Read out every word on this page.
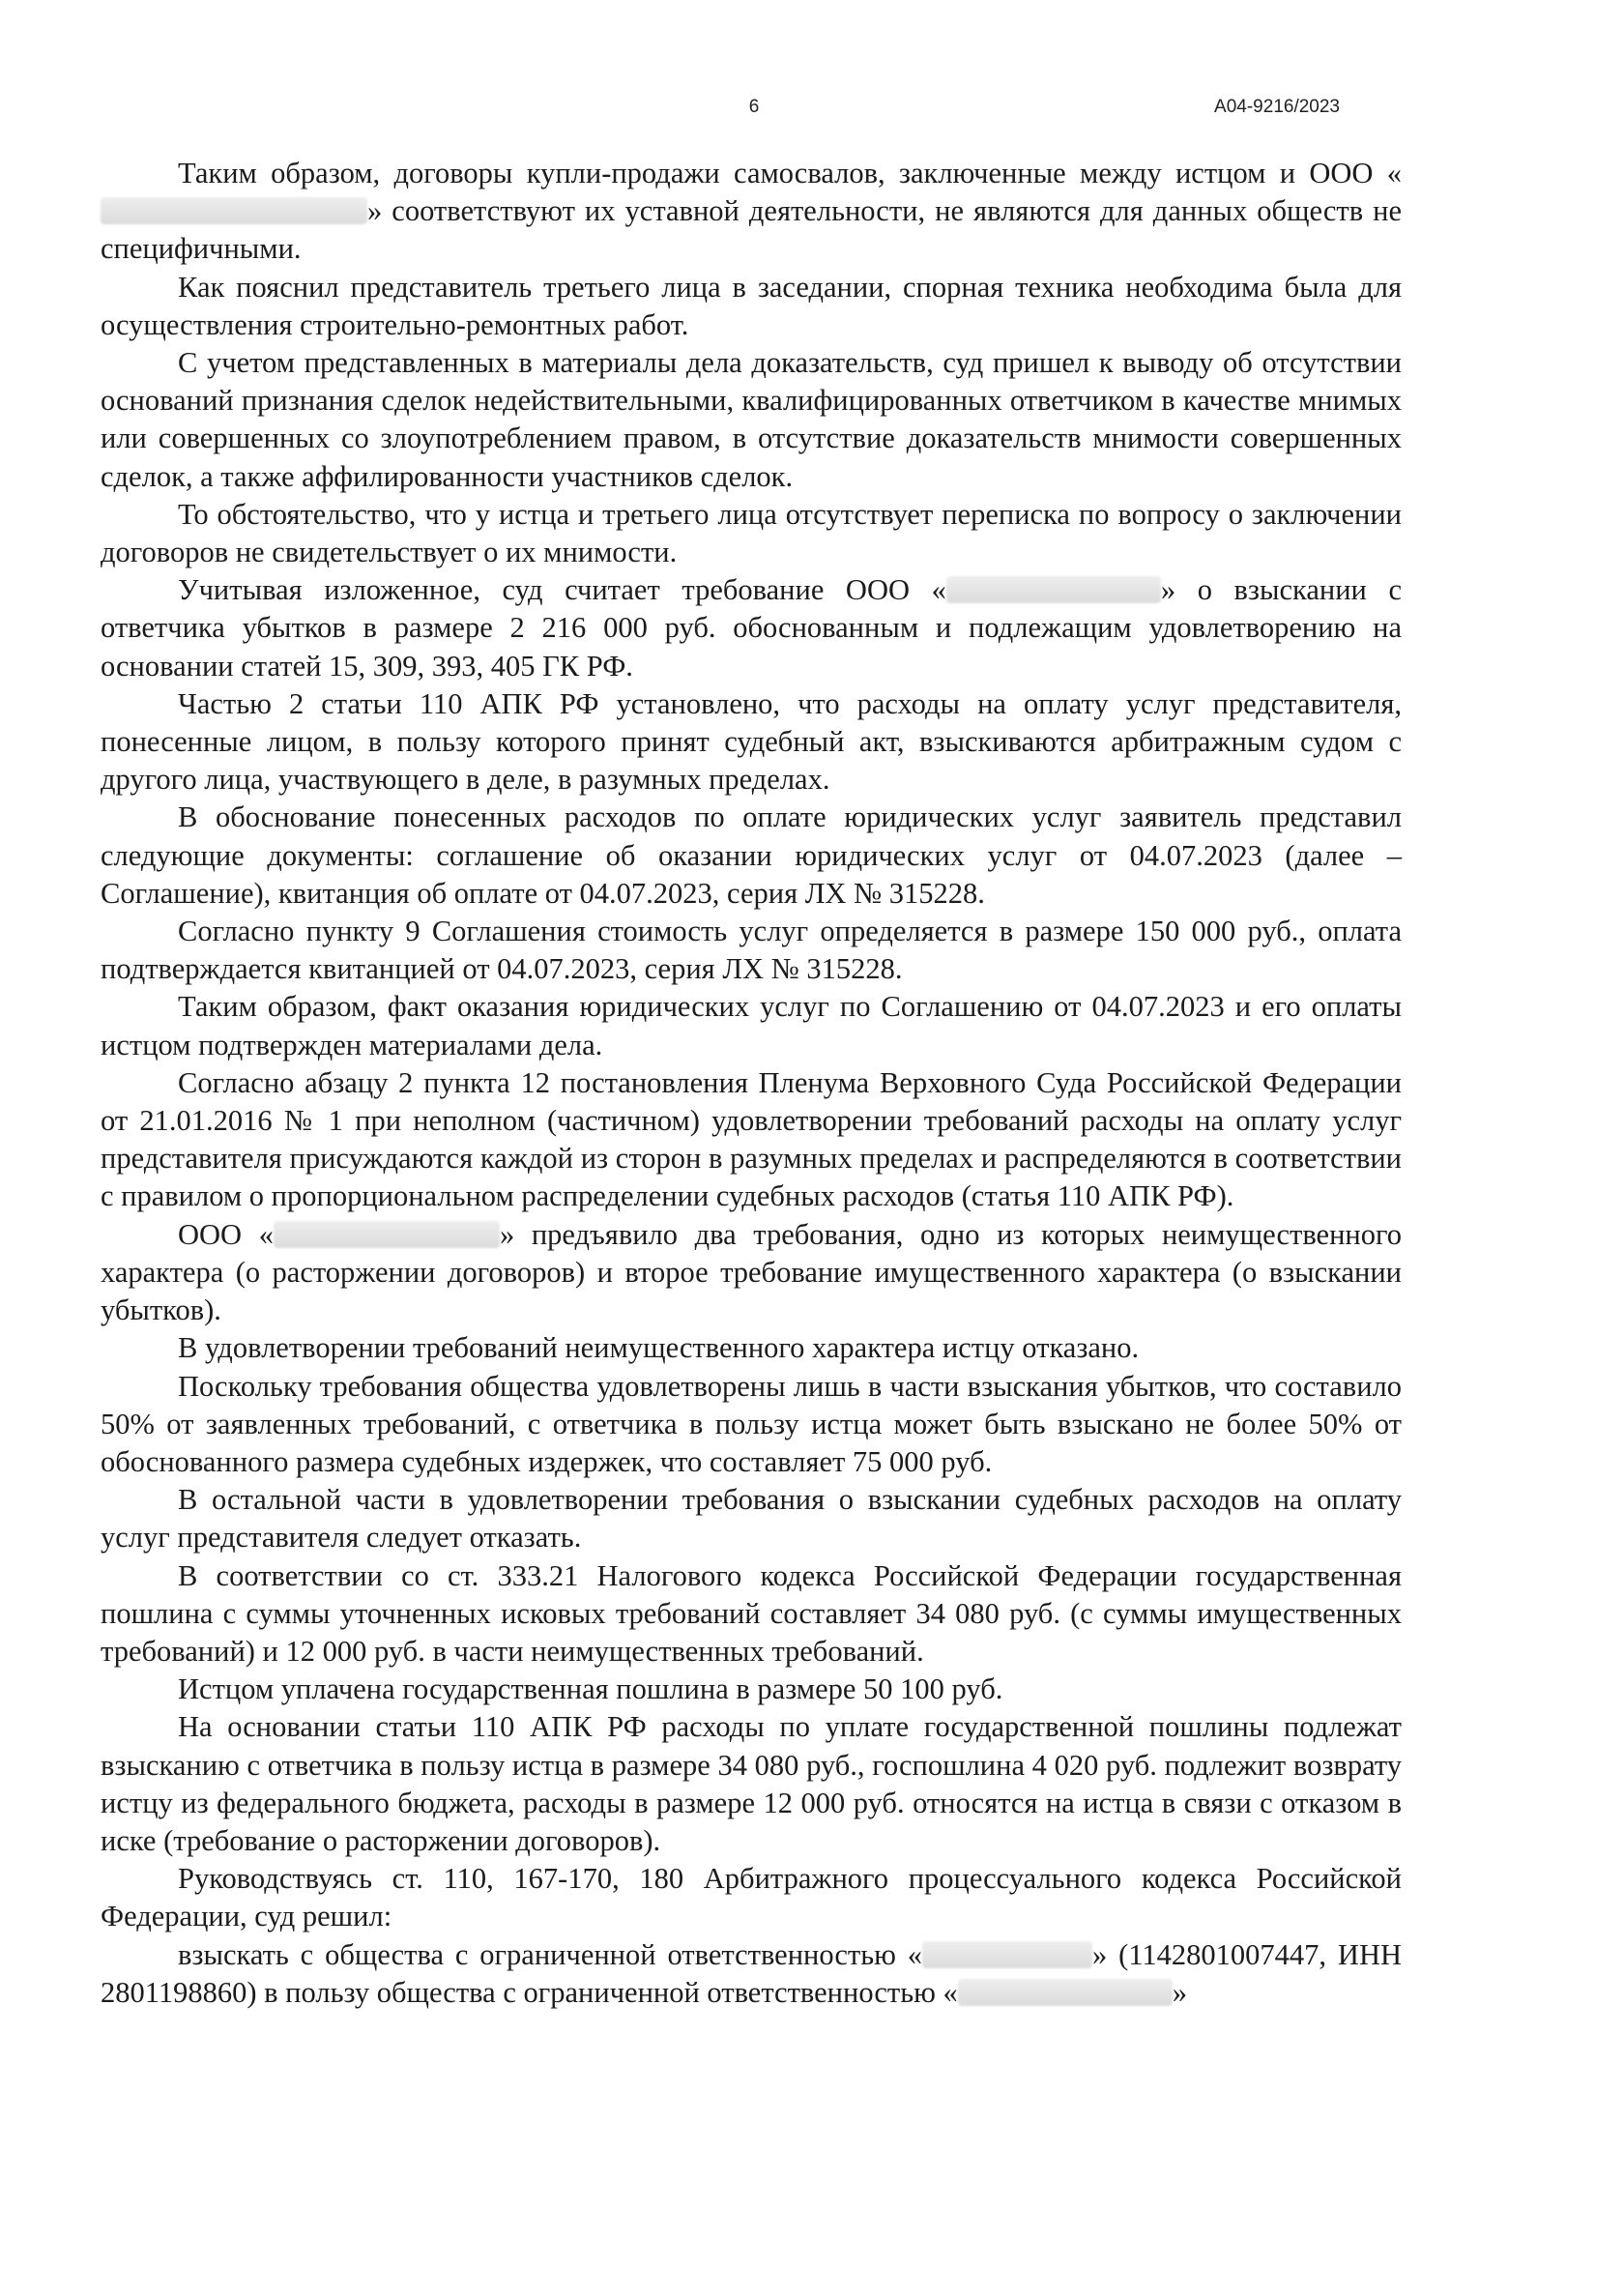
6	А04-9216/2023

Таким образом, договоры купли-продажи самосвалов, заключенные между истцом и ООО «» соответствуют их уставной деятельности, не являются для данных обществ не специфичными.

Как пояснил представитель третьего лица в заседании, спорная техника необходима была для осуществления строительно-ремонтных работ.

С учетом представленных в материалы дела доказательств, суд пришел к выводу об отсутствии оснований признания сделок недействительными, квалифицированных ответчиком в качестве мнимых или совершенных со злоупотреблением правом, в отсутствие доказательств мнимости совершенных сделок, а также аффилированности участников сделок.

То обстоятельство, что у истца и третьего лица отсутствует переписка по вопросу о заключении договоров не свидетельствует о их мнимости.

Учитывая изложенное, суд считает требование ООО «	» о взыскании с ответчика убытков в размере 2 216 000 руб. обоснованным и подлежащим удовлетворению на основании статей 15, 309, 393, 405 ГК РФ.

Частью 2 статьи 110 АПК РФ установлено, что расходы на оплату услуг представителя, понесенные лицом, в пользу которого принят судебный акт, взыскиваются арбитражным судом с другого лица, участвующего в деле, в разумных пределах.

В обоснование понесенных расходов по оплате юридических услуг заявитель представил следующие документы: соглашение об оказании юридических услуг от 04.07.2023 (далее – Соглашение), квитанция об оплате от 04.07.2023, серия ЛХ № 315228.

Согласно пункту 9 Соглашения стоимость услуг определяется в размере 150 000 руб., оплата подтверждается квитанцией от 04.07.2023, серия ЛХ № 315228.

Таким образом, факт оказания юридических услуг по Соглашению от 04.07.2023 и его оплаты истцом подтвержден материалами дела.

Согласно абзацу 2 пункта 12 постановления Пленума Верховного Суда Российской Федерации от 21.01.2016 № 1 при неполном (частичном) удовлетворении требований расходы на оплату услуг представителя присуждаются каждой из сторон в разумных пределах и распределяются в соответствии с правилом о пропорциональном распределении судебных расходов (статья 110 АПК РФ).

ООО «	» предъявило два требования, одно из которых неимущественного характера (о расторжении договоров) и второе требование имущественного характера (о взыскании убытков).

В удовлетворении требований неимущественного характера истцу отказано.

Поскольку требования общества удовлетворены лишь в части взыскания убытков, что составило 50% от заявленных требований, с ответчика в пользу истца может быть взыскано не более 50% от обоснованного размера судебных издержек, что составляет 75 000 руб.

В остальной части в удовлетворении требования о взыскании судебных расходов на оплату услуг представителя следует отказать.

В соответствии со ст. 333.21 Налогового кодекса Российской Федерации государственная пошлина с суммы уточненных исковых требований составляет 34 080 руб. (с суммы имущественных требований) и 12 000 руб. в части неимущественных требований.

Истцом уплачена государственная пошлина в размере 50 100 руб.

На основании статьи 110 АПК РФ расходы по уплате государственной пошлины подлежат взысканию с ответчика в пользу истца в размере 34 080 руб., госпошлина 4 020 руб. подлежит возврату истцу из федерального бюджета, расходы в размере 12 000 руб. относятся на истца в связи с отказом в иске (требование о расторжении договоров).

Руководствуясь ст. 110, 167-170, 180 Арбитражного процессуального кодекса Российской Федерации, суд решил:

взыскать с общества с ограниченной ответственностью «	» (1142801007447, ИНН 2801198860) в пользу общества с ограниченной ответственностью «	»
